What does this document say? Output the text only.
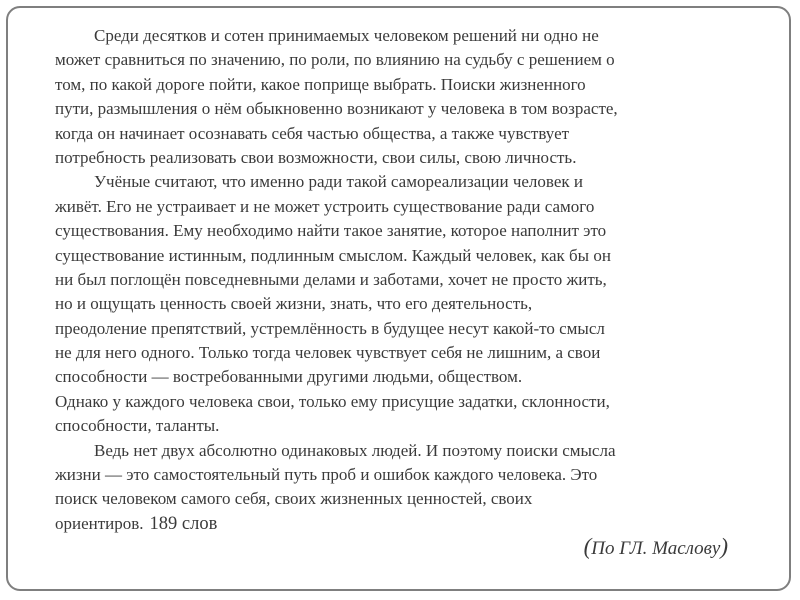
Среди десятков и сотен принимаемых человеком решений ни одно не
может сравниться по значению, по роли, по влиянию на судьбу с решением о
том, по какой дороге пойти, какое поприще выбрать. Поиски жизненного
пути, размышления о нём обыкновенно возникают у человека в том возрасте,
когда он начинает осознавать себя частью общества, а также чувствует
потребность реализовать свои возможности, свои силы, свою личность.
Учёные считают, что именно ради такой самореализации человек и
живёт. Его не устраивает и не может устроить существование ради самого
существования. Ему необходимо найти такое занятие, которое наполнит это
существование истинным, подлинным смыслом. Каждый человек, как бы он
ни был поглощён повседневными делами и заботами, хочет не просто жить,
но и ощущать ценность своей жизни, знать, что его деятельность,
преодоление препятствий, устремлённость в будущее несут какой-то смысл
не для него одного. Только тогда человек чувствует себя не лишним, а свои
способности — востребованными другими людьми, обществом.
Однако у каждого человека свои, только ему присущие задатки, склонности,
способности, таланты.
Ведь нет двух абсолютно одинаковых людей. И поэтому поиски смысла
жизни — это самостоятельный путь проб и ошибок каждого человека. Это
поиск человеком самого себя, своих жизненных ценностей, своих
ориентиров. 189 слов
(По ГЛ. Маслову)
